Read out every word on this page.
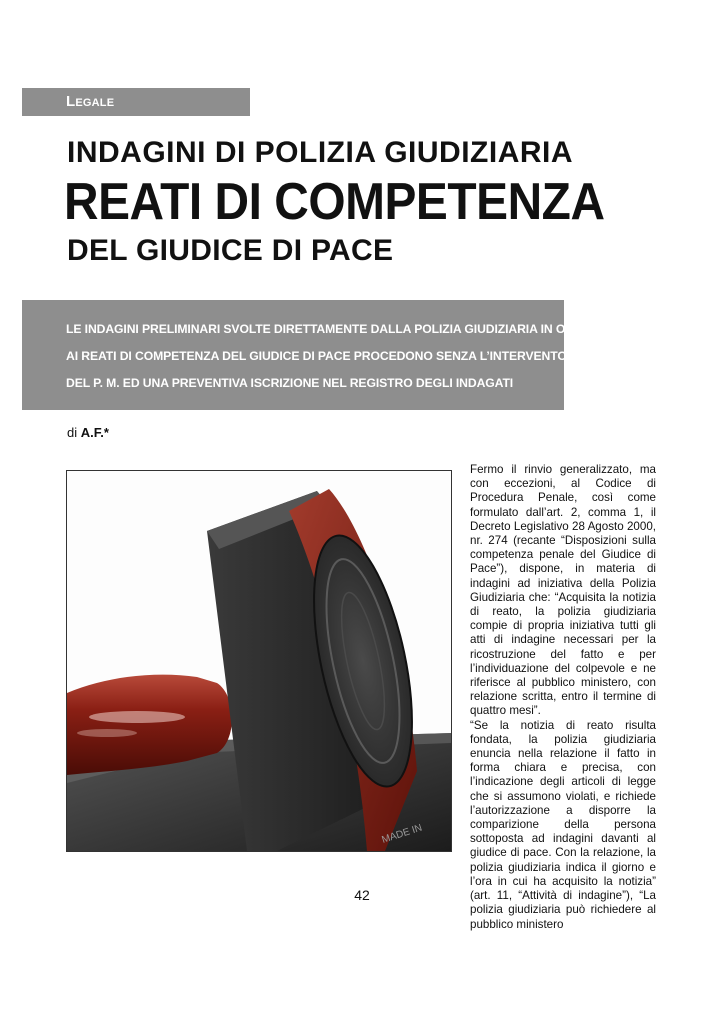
Legale
INDAGINI DI POLIZIA GIUDIZIARIA
REATI DI COMPETENZA
DEL GIUDICE DI PACE
LE INDAGINI PRELIMINARI SVOLTE DIRETTAMENTE DALLA POLIZIA GIUDIZIARIA IN ORDINE
AI REATI DI COMPETENZA DEL GIUDICE DI PACE PROCEDONO SENZA L’INTERVENTO
DEL P. M. ED UNA PREVENTIVA ISCRIZIONE NEL REGISTRO DEGLI INDAGATI
di A.F.*
MADE IN

Fermo il rinvio generalizzato, ma con eccezioni, al Codice di Procedura Penale, così come formulato dall’art. 2, comma 1, il Decreto Legislativo 28 Agosto 2000, nr. 274 (recante “Disposizioni sulla competenza penale del Giudice di Pace”), dispone, in materia di indagini ad iniziativa della Polizia Giudiziaria che: “Acquisita la notizia di reato, la polizia giudiziaria compie di propria iniziativa tutti gli atti di indagine necessari per la ricostruzione del fatto e per l’individuazione del colpevole e ne riferisce al pubblico ministero, con relazione scritta, entro il termine di quattro mesi”.

“Se la notizia di reato risulta fondata, la polizia giudiziaria enuncia nella relazione il fatto in forma chiara e precisa, con l’indicazione degli articoli di legge che si assumono violati, e richiede l’autorizzazione a disporre la comparizione della persona sottoposta ad indagini davanti al giudice di pace. Con la relazione, la polizia giudiziaria indica il giorno e l’ora in cui ha acquisito la notizia” (art. 11, “Attività di indagine”), “La polizia giudiziaria può richiedere al pubblico ministero

42
